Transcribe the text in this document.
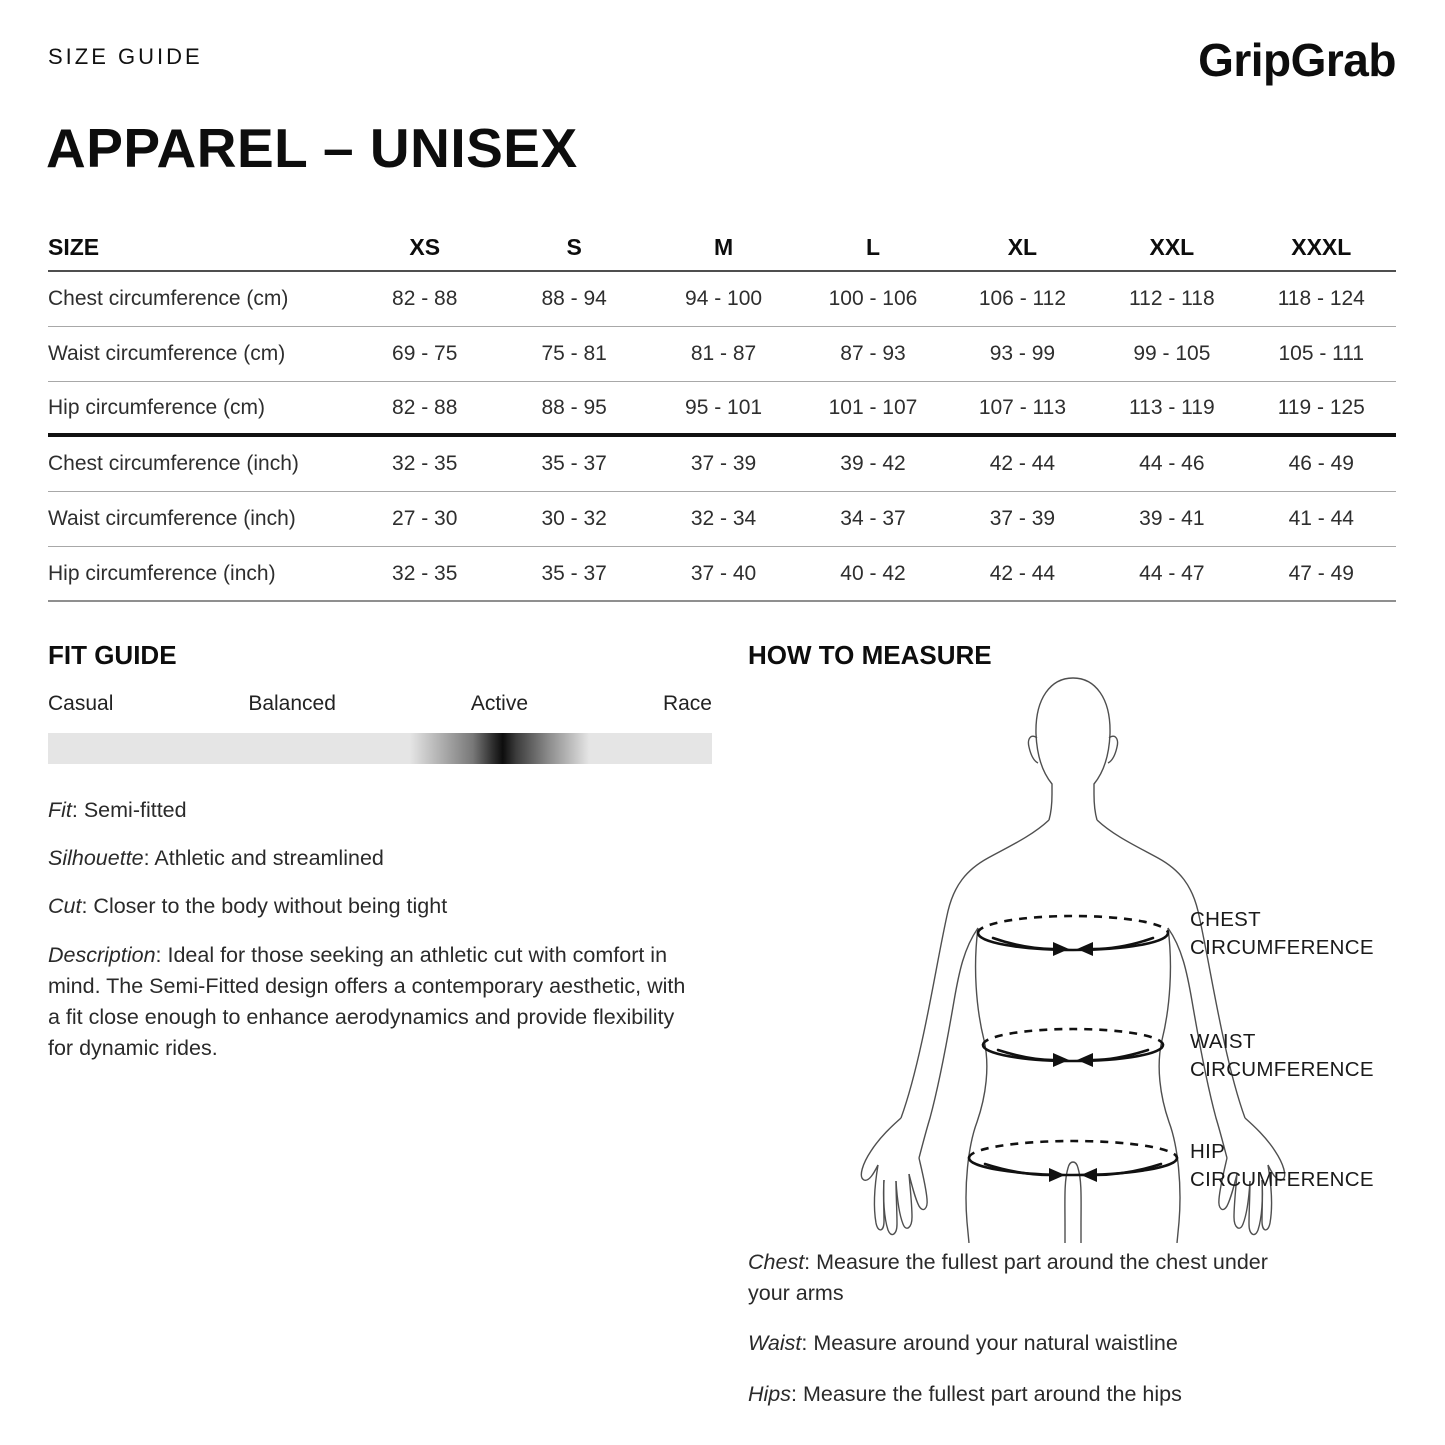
SIZE GUIDE	GripGrab
APPAREL – UNISEX
SIZE	XS	S	M	L	XL	XXL	XXXL
Chest circumference (cm)	82 - 88	88 - 94	94 - 100	100 - 106	106 - 112	112 - 118	118 - 124
Waist circumference (cm)	69 - 75	75 - 81	81 - 87	87 - 93	93 - 99	99 - 105	105 - 111
Hip circumference (cm)	82 - 88	88 - 95	95 - 101	101 - 107	107 - 113	113 - 119	119 - 125
Chest circumference (inch)	32 - 35	35 - 37	37 - 39	39 - 42	42 - 44	44 - 46	46 - 49
Waist circumference (inch)	27 - 30	30 - 32	32 - 34	34 - 37	37 - 39	39 - 41	41 - 44
Hip circumference (inch)	32 - 35	35 - 37	37 - 40	40 - 42	42 - 44	44 - 47	47 - 49
FIT GUIDE
Casual	Balanced	Active	Race

Fit: Semi-fitted

Silhouette: Athletic and streamlined

Cut: Closer to the body without being tight

Description: Ideal for those seeking an athletic cut with comfort in mind. The Semi-Fitted design offers a contemporary aesthetic, with a fit close enough to enhance aerodynamics and provide flexibility for dynamic rides.

HOW TO MEASURE
CHEST
CIRCUMFERENCE
WAIST
CIRCUMFERENCE
HIP
CIRCUMFERENCE

Chest: Measure the fullest part around the chest under your arms

Waist: Measure around your natural waistline

Hips: Measure the fullest part around the hips
